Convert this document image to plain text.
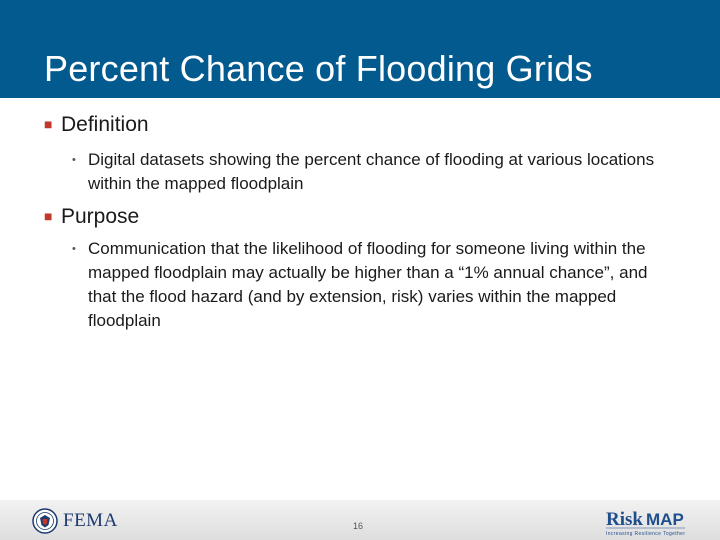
Percent Chance of Flooding Grids
■ Definition
• Digital datasets showing the percent chance of flooding at various locations within the mapped floodplain
■ Purpose
• Communication that the likelihood of flooding for someone living within the mapped floodplain may actually be higher than a “1% annual chance”, and that the flood hazard (and by extension, risk) varies within the mapped floodplain
FEMA	16	Risk MAP
Increasing Resilience Together
